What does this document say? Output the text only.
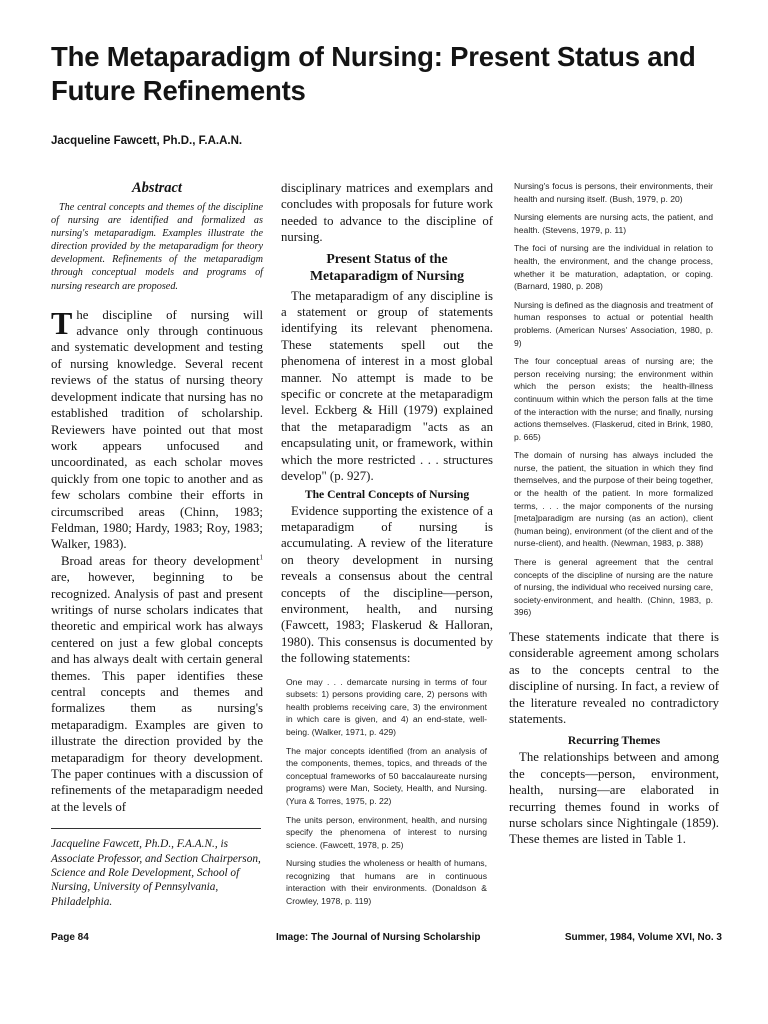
The Metaparadigm of Nursing: Present Status and Future Refinements
Jacqueline Fawcett, Ph.D., F.A.A.N.
Abstract

The central concepts and themes of the discipline of nursing are identified and formalized as nursing's metaparadigm. Examples illustrate the direction provided by the metaparadigm for theory development. Refinements of the metaparadigm through conceptual models and programs of nursing research are proposed.

The discipline of nursing will advance only through continuous and systematic development and testing of nursing knowledge. Several recent reviews of the status of nursing theory development indicate that nursing has no established tradition of scholarship. Reviewers have pointed out that most work appears unfocused and uncoordinated, as each scholar moves quickly from one topic to another and as few scholars combine their efforts in circumscribed areas (Chinn, 1983; Feldman, 1980; Hardy, 1983; Roy, 1983; Walker, 1983).

Broad areas for theory development$^1$ are, however, beginning to be recognized. Analysis of past and present writings of nurse scholars indicates that theoretic and empirical work has always centered on just a few global concepts and has always dealt with certain general themes. This paper identifies these central concepts and themes and formalizes them as nursing's metaparadigm. Examples are given to illustrate the direction provided by the metaparadigm for theory development. The paper continues with a discussion of refinements of the metaparadigm needed at the levels of

Jacqueline Fawcett, Ph.D., F.A.A.N., is Associate Professor, and Section Chairperson, Science and Role Development, School of Nursing, University of Pennsylvania, Philadelphia.

disciplinary matrices and exemplars and concludes with proposals for future work needed to advance to the discipline of nursing.

Present Status of the Metaparadigm of Nursing

The metaparadigm of any discipline is a statement or group of statements identifying its relevant phenomena. These statements spell out the phenomena of interest in a most global manner. No attempt is made to be specific or concrete at the metaparadigm level. Eckberg & Hill (1979) explained that the metaparadigm "acts as an encapsulating unit, or framework, within which the more restricted . . . structures develop" (p. 927).

The Central Concepts of Nursing

Evidence supporting the existence of a metaparadigm of nursing is accumulating. A review of the literature on theory development in nursing reveals a consensus about the central concepts of the discipline—person, environment, health, and nursing (Fawcett, 1983; Flaskerud & Halloran, 1980). This consensus is documented by the following statements:

One may . . . demarcate nursing in terms of four subsets: 1) persons providing care, 2) persons with health problems receiving care, 3) the environment in which care is given, and 4) an end-state, well-being. (Walker, 1971, p. 429)

The major concepts identified (from an analysis of the components, themes, topics, and threads of the conceptual frameworks of 50 baccalaureate nursing programs) were Man, Society, Health, and Nursing. (Yura & Torres, 1975, p. 22)

The units person, environment, health, and nursing specify the phenomena of interest to nursing science. (Fawcett, 1978, p. 25)

Nursing studies the wholeness or health of humans, recognizing that humans are in continuous interaction with their environments. (Donaldson & Crowley, 1978, p. 119)

Nursing's focus is persons, their environments, their health and nursing itself. (Bush, 1979, p. 20)

Nursing elements are nursing acts, the patient, and health. (Stevens, 1979, p. 11)

The foci of nursing are the individual in relation to health, the environment, and the change process, whether it be maturation, adaptation, or coping. (Barnard, 1980, p. 208)

Nursing is defined as the diagnosis and treatment of human responses to actual or potential health problems. (American Nurses' Association, 1980, p. 9)

The four conceptual areas of nursing are; the person receiving nursing; the environment within which the person exists; the health-illness continuum within which the person falls at the time of the interaction with the nurse; and finally, nursing actions themselves. (Flaskerud, cited in Brink, 1980, p. 665)

The domain of nursing has always included the nurse, the patient, the situation in which they find themselves, and the purpose of their being together, or the health of the patient. In more formalized terms, . . . the major components of the nursing [meta]paradigm are nursing (as an action), client (human being), environment (of the client and of the nurse-client), and health. (Newman, 1983, p. 388)

There is general agreement that the central concepts of the discipline of nursing are the nature of nursing, the individual who received nursing care, society-environment, and health. (Chinn, 1983, p. 396)

These statements indicate that there is considerable agreement among scholars as to the concepts central to the discipline of nursing. In fact, a review of the literature revealed no contradictory statements.

Recurring Themes

The relationships between and among the concepts—person, environment, health, nursing—are elaborated in recurring themes found in works of nurse scholars since Nightingale (1859). These themes are listed in Table 1.

Page 84	Image: The Journal of Nursing Scholarship	Summer, 1984, Volume XVI, No. 3
